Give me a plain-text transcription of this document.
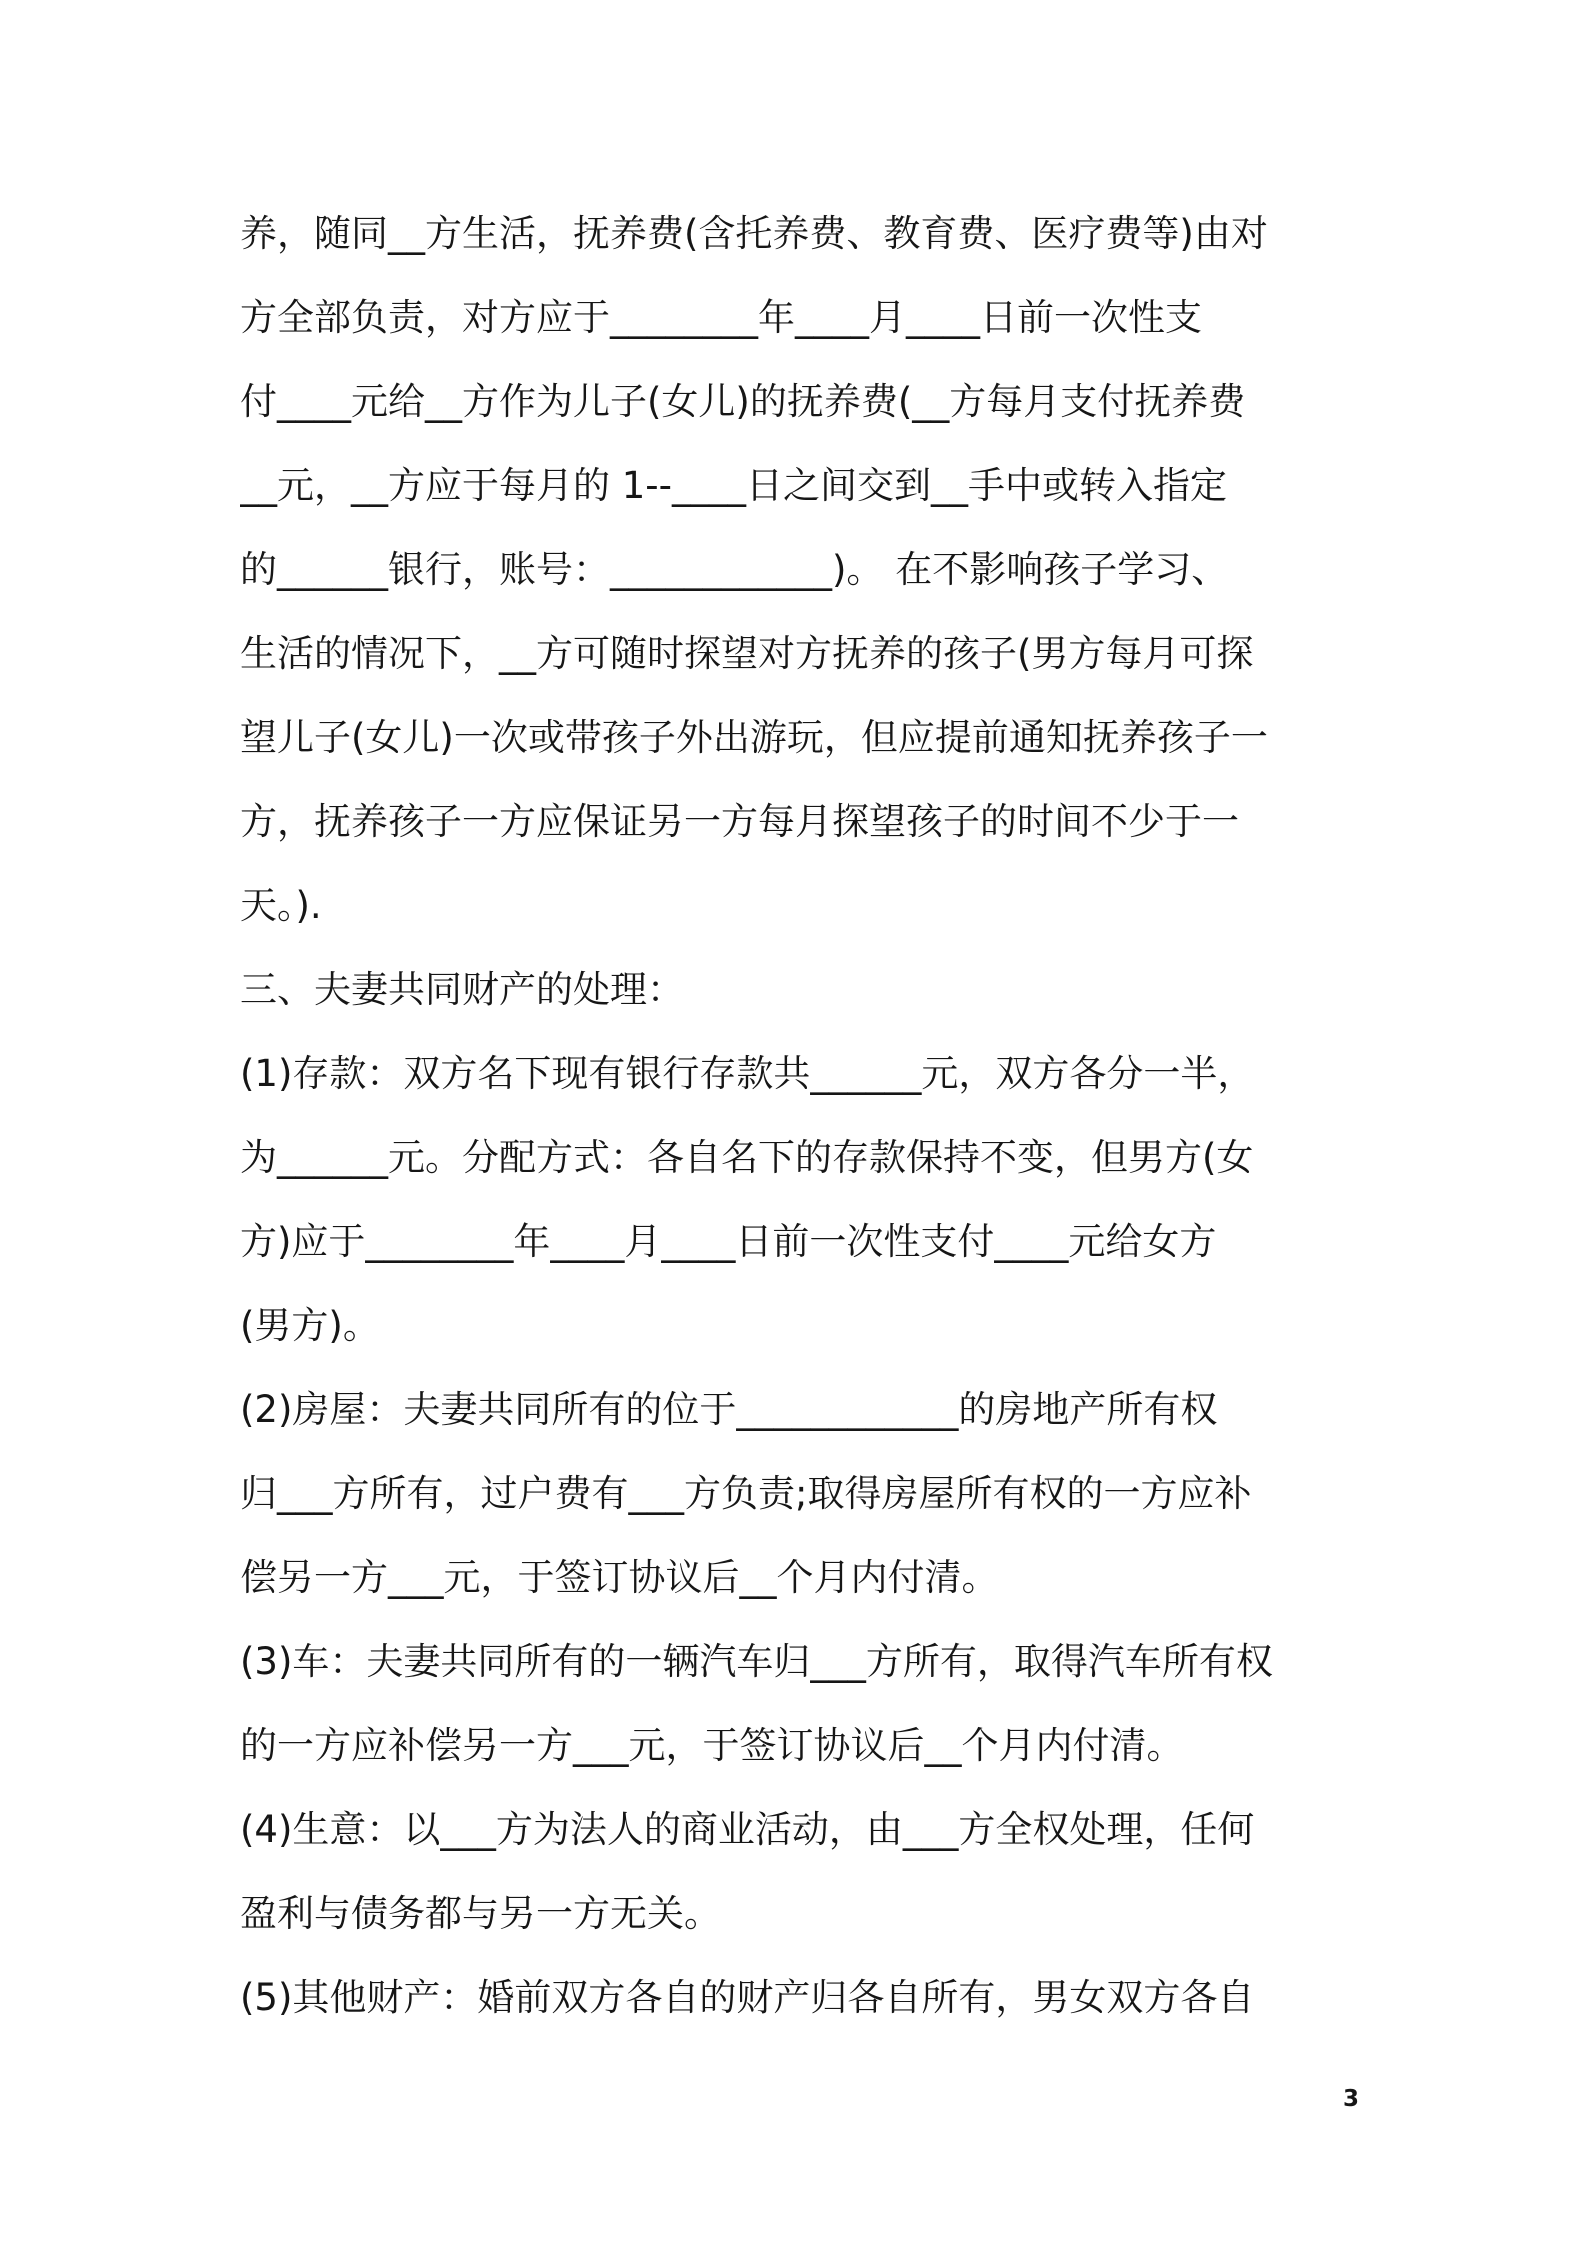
养，随同__方生活，抚养费(含托养费、教育费、医疗费等)由对
方全部负责，对方应于________年____月____日前一次性支
付____元给__方作为儿子(女儿)的抚养费(__方每月支付抚养费
__元，__方应于每月的 1--____日之间交到__手中或转入指定
的______银行，账号：____________)。 在不影响孩子学习、
生活的情况下，__方可随时探望对方抚养的孩子(男方每月可探
望儿子(女儿)一次或带孩子外出游玩，但应提前通知抚养孩子一
方，抚养孩子一方应保证另一方每月探望孩子的时间不少于一
天。).
三、夫妻共同财产的处理：
(1)存款：双方名下现有银行存款共______元，双方各分一半，
为______元。分配方式：各自名下的存款保持不变，但男方(女
方)应于________年____月____日前一次性支付____元给女方
(男方)。
(2)房屋：夫妻共同所有的位于____________的房地产所有权
归___方所有，过户费有___方负责;取得房屋所有权的一方应补
偿另一方___元，于签订协议后__个月内付清。
(3)车：夫妻共同所有的一辆汽车归___方所有，取得汽车所有权
的一方应补偿另一方___元，于签订协议后__个月内付清。
(4)生意：以___方为法人的商业活动，由___方全权处理，任何
盈利与债务都与另一方无关。
(5)其他财产：婚前双方各自的财产归各自所有，男女双方各自
3
